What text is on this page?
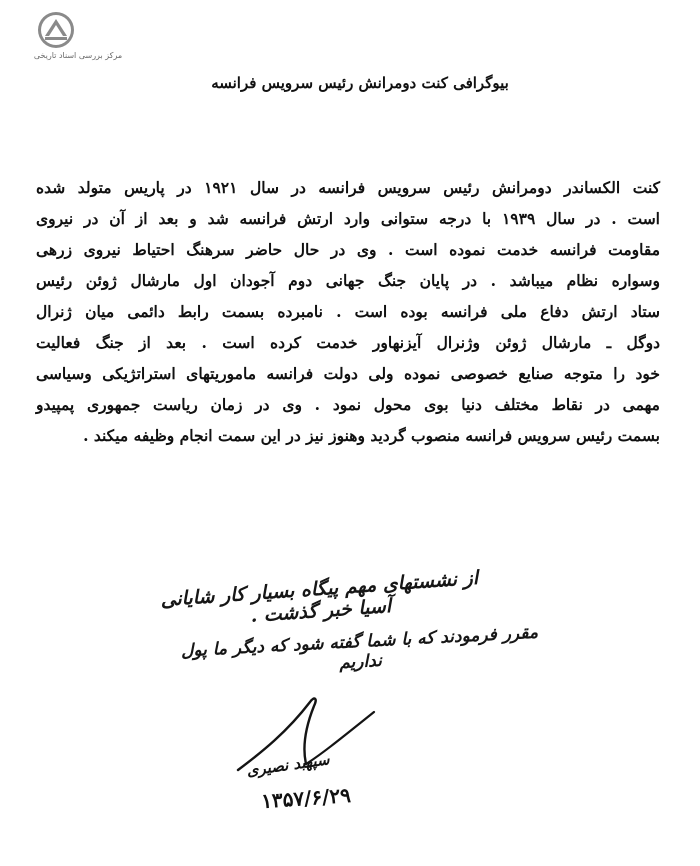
مرکز بررسی اسناد تاریخی
بیوگرافی کنت دومرانش رئیس سرویس فرانسه
کنت الکساندر دومرانش رئیس سرویس فرانسه در سال ۱۹۲۱ در پاریس متولد شده
است . در سال ۱۹۳۹ با درجه ستوانی وارد ارتش فرانسه شد و بعد از آن در نیروی
مقاومت فرانسه خدمت نموده است . وی در حال حاضر سرهنگ احتیاط نیروی زرهی
وسواره نظام میباشد . در پایان جنگ جهانی دوم آجودان اول مارشال ژوئن رئیس
ستاد ارتش دفاع ملی فرانسه بوده است . نامبرده بسمت رابط دائمی میان ژنرال
دوگل ـ مارشال ژوئن وژنرال آیزنهاور خدمت کرده است . بعد از جنگ فعالیت
خود را متوجه صنایع خصوصی نموده ولی دولت فرانسه ماموریتهای استراتژیکی وسیاسی
مهمی در نقاط مختلف دنیا بوی محول نمود . وی در زمان ریاست جمهوری پمپیدو
بسمت رئیس سرویس فرانسه منصوب گردید وهنوز نیز در این سمت انجام وظیفه میکند .
از نشستهای مهم پیگاه بسیار کار شایانی آسیا خبر گذشت .
مقرر فرمودند که با شما گفته شود که دیگر ما پول نداریم
سپهبد نصیری
۱۳۵۷/۶/۲۹
